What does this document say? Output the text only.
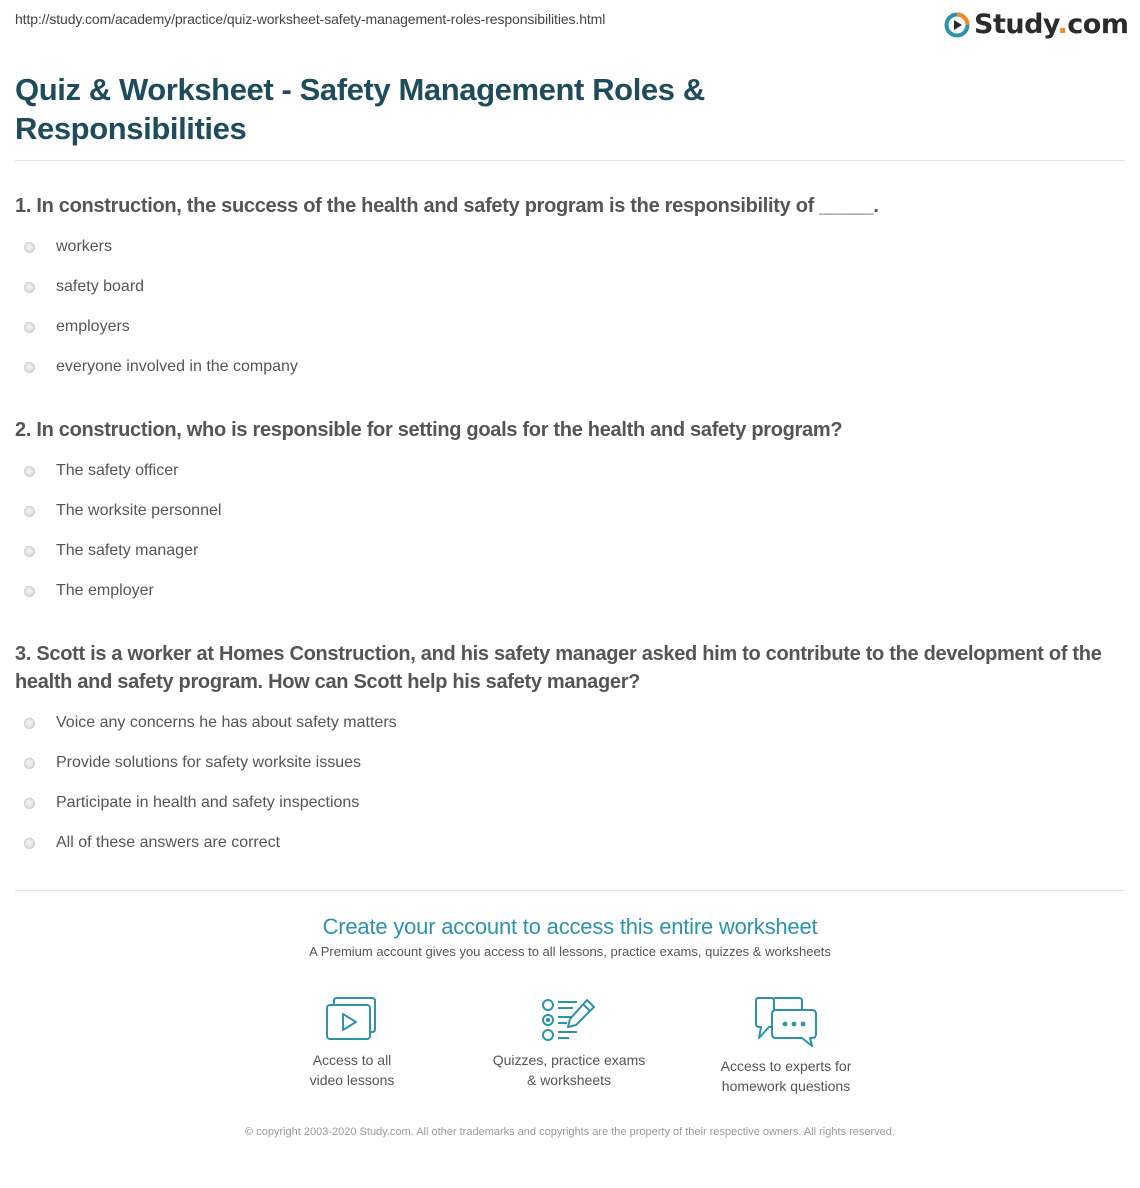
http://study.com/academy/practice/quiz-worksheet-safety-management-roles-responsibilities.html	Study.com
Quiz & Worksheet - Safety Management Roles & Responsibilities
1. In construction, the success of the health and safety program is the responsibility of _____.
workers
safety board
employers
everyone involved in the company
2. In construction, who is responsible for setting goals for the health and safety program?
The safety officer
The worksite personnel
The safety manager
The employer
3. Scott is a worker at Homes Construction, and his safety manager asked him to contribute to the development of the health and safety program. How can Scott help his safety manager?
Voice any concerns he has about safety matters
Provide solutions for safety worksite issues
Participate in health and safety inspections
All of these answers are correct
Create your account to access this entire worksheet
A Premium account gives you access to all lessons, practice exams, quizzes & worksheets
Access to all
video lessons
Quizzes, practice exams
& worksheets
Access to experts for
homework questions
© copyright 2003-2020 Study.com. All other trademarks and copyrights are the property of their respective owners. All rights reserved.
